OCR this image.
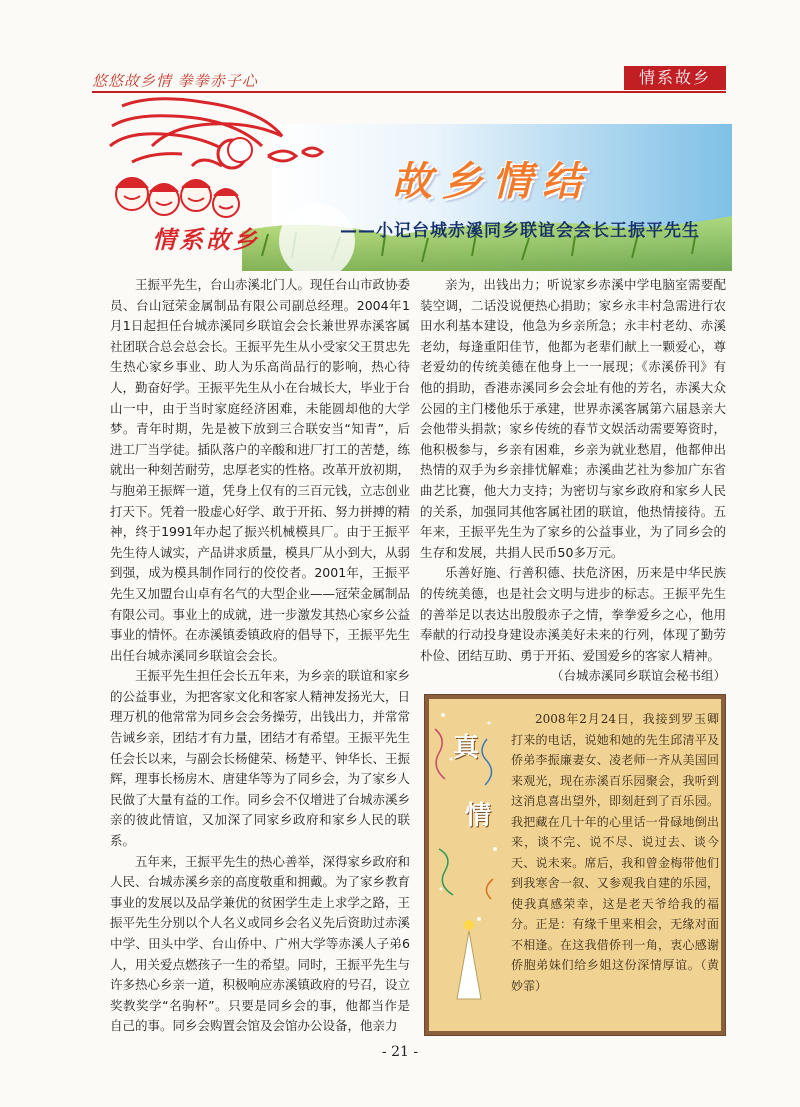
悠悠故乡情 拳拳赤子心	情系故乡
情系故乡
故乡情结
——小记台城赤溪同乡联谊会会长王振平先生

王振平先生，台山赤溪北门人。现任台山市政协委员、台山冠荣金属制品有限公司副总经理。2004年1月1日起担任台城赤溪同乡联谊会会长兼世界赤溪客属社团联合总会总会长。王振平先生从小受家父王贯忠先生热心家乡事业、助人为乐高尚品行的影响，热心待人，勤奋好学。王振平先生从小在台城长大，毕业于台山一中，由于当时家庭经济困难，未能圆却他的大学梦。青年时期，先是被下放到三合联安当“知青”，后进工厂当学徒。插队落户的辛酸和进厂打工的苦楚，练就出一种刻苦耐劳，忠厚老实的性格。改革开放初期，与胞弟王振辉一道，凭身上仅有的三百元钱，立志创业打天下。凭着一股虚心好学、敢于开拓、努力拼搏的精神，终于1991年办起了振兴机械模具厂。由于王振平先生待人诚实，产品讲求质量，模具厂从小到大，从弱到强，成为模具制作同行的佼佼者。2001年，王振平先生又加盟台山卓有名气的大型企业——冠荣金属制品有限公司。事业上的成就，进一步激发其热心家乡公益事业的情怀。在赤溪镇委镇政府的倡导下，王振平先生出任台城赤溪同乡联谊会会长。

王振平先生担任会长五年来，为乡亲的联谊和家乡的公益事业，为把客家文化和客家人精神发扬光大，日理万机的他常常为同乡会会务操劳，出钱出力，并常常告诫乡亲，团结才有力量，团结才有希望。王振平先生任会长以来，与副会长杨健荣、杨楚平、钟华长、王振辉，理事长杨房木、唐建华等为了同乡会，为了家乡人民做了大量有益的工作。同乡会不仅增进了台城赤溪乡亲的彼此情谊，又加深了同家乡政府和家乡人民的联系。

五年来，王振平先生的热心善举，深得家乡政府和人民、台城赤溪乡亲的高度敬重和拥戴。为了家乡教育事业的发展以及品学兼优的贫困学生走上求学之路，王振平先生分别以个人名义或同乡会名义先后资助过赤溪中学、田头中学、台山侨中、广州大学等赤溪人子弟6人，用关爱点燃孩子一生的希望。同时，王振平先生与许多热心乡亲一道，积极响应赤溪镇政府的号召，设立奖教奖学“名驹杯”。只要是同乡会的事，他都当作是自己的事。同乡会购置会馆及会馆办公设备，他亲力

亲为，出钱出力；听说家乡赤溪中学电脑室需要配装空调，二话没说便热心捐助；家乡永丰村急需进行农田水利基本建设，他急为乡亲所急；永丰村老幼、赤溪老幼，每逢重阳佳节，他都为老辈们献上一颗爱心，尊老爱幼的传统美德在他身上一一展现；《赤溪侨刊》有他的捐助，香港赤溪同乡会会址有他的芳名，赤溪大众公园的主门楼他乐于承建，世界赤溪客属第六届恳亲大会他带头捐款；家乡传统的春节文娱活动需要筹资时，他积极参与，乡亲有困难，乡亲为就业愁眉，他都伸出热情的双手为乡亲排忧解难；赤溪曲艺社为参加广东省曲艺比赛，他大力支持；为密切与家乡政府和家乡人民的关系，加强同其他客属社团的联谊，他热情接待。五年来，王振平先生为了家乡的公益事业，为了同乡会的生存和发展，共捐人民币50多万元。

乐善好施、行善积德、扶危济困，历来是中华民族的传统美德，也是社会文明与进步的标志。王振平先生的善举足以表达出殷殷赤子之情，拳拳爱乡之心，他用奉献的行动投身建设赤溪美好未来的行列，体现了勤劳朴俭、团结互助、勇于开拓、爱国爱乡的客家人精神。

（台城赤溪同乡联谊会秘书组）

真
情
2008年2月24日，我接到罗玉卿打来的电话，说她和她的先生邱清平及侨弟李振廉妻女、凌老师一齐从美国回来观光，现在赤溪百乐园聚会，我听到这消息喜出望外，即刻赶到了百乐园。我把藏在几十年的心里话一骨碌地倒出来，谈不完、说不尽、说过去、谈今天、说未来。席后，我和曾金梅带他们到我寒舍一叙、又参观我自建的乐园，使我真感荣幸，这是老天爷给我的福分。正是：有缘千里来相会，无缘对面不相逢。在这我借侨刊一角，衷心感谢侨胞弟妹们给乡姐这份深情厚谊。（黄妙霏）
- 21 -
